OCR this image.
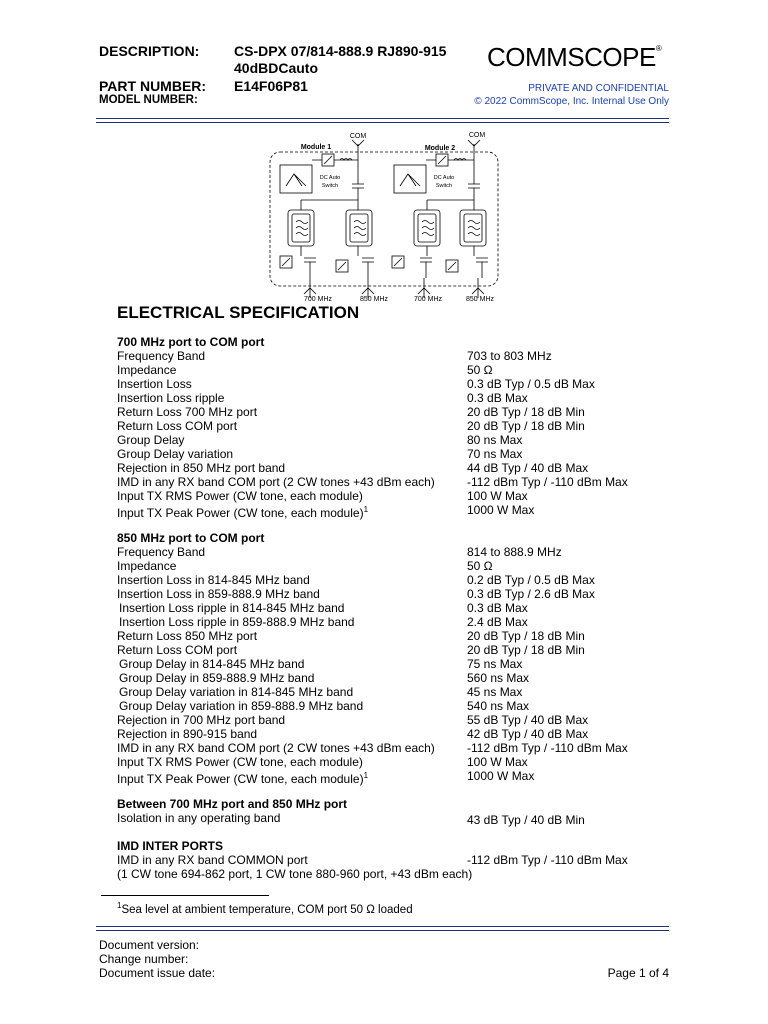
DESCRIPTION: CS-DPX 07/814-888.9 RJ890-915
40dBDCauto
PART NUMBER: E14F06P81
MODEL NUMBER:
COMMSCOPE®
PRIVATE AND CONFIDENTIAL
© 2022 CommScope, Inc. Internal Use Only
COM	COM
Module 1	Module 2
DC Auto
Switch
DC Auto
Switch
700 MHz	850 MHz	700 MHz	850 MHz
ELECTRICAL SPECIFICATION
700 MHz port to COM port
Frequency Band	703 to 803 MHz
Impedance	50 Ω
Insertion Loss	0.3 dB Typ / 0.5 dB Max
Insertion Loss ripple	0.3 dB Max
Return Loss 700 MHz port	20 dB Typ / 18 dB Min
Return Loss COM port	20 dB Typ / 18 dB Min
Group Delay	80 ns Max
Group Delay variation	70 ns Max
Rejection in 850 MHz port band	44 dB Typ / 40 dB Max
IMD in any RX band COM port (2 CW tones +43 dBm each)	-112 dBm Typ / -110 dBm Max
Input TX RMS Power (CW tone, each module)	100 W Max
Input TX Peak Power (CW tone, each module)$^1$	1000 W Max
850 MHz port to COM port
Frequency Band	814 to 888.9 MHz
Impedance	50 Ω
Insertion Loss in 814-845 MHz band	0.2 dB Typ / 0.5 dB Max
Insertion Loss in 859-888.9 MHz band	0.3 dB Typ / 2.6 dB Max
Insertion Loss ripple in 814-845 MHz band	0.3 dB Max
Insertion Loss ripple in 859-888.9 MHz band	2.4 dB Max
Return Loss 850 MHz port	20 dB Typ / 18 dB Min
Return Loss COM port	20 dB Typ / 18 dB Min
Group Delay in 814-845 MHz band	75 ns Max
Group Delay in 859-888.9 MHz band	560 ns Max
Group Delay variation in 814-845 MHz band	45 ns Max
Group Delay variation in 859-888.9 MHz band	540 ns Max
Rejection in 700 MHz port band	55 dB Typ / 40 dB Max
Rejection in 890-915 band	42 dB Typ / 40 dB Max
IMD in any RX band COM port (2 CW tones +43 dBm each)	-112 dBm Typ / -110 dBm Max
Input TX RMS Power (CW tone, each module)	100 W Max
Input TX Peak Power (CW tone, each module)$^1$	1000 W Max
Between 700 MHz port and 850 MHz port
Isolation in any operating band	43 dB Typ / 40 dB Min
IMD INTER PORTS
IMD in any RX band COMMON port	-112 dBm Typ / -110 dBm Max
(1 CW tone 694-862 port, 1 CW tone 880-960 port, +43 dBm each)
$^1$Sea level at ambient temperature, COM port 50 Ω loaded
Document version:
Change number:
Document issue date:	Page 1 of 4
